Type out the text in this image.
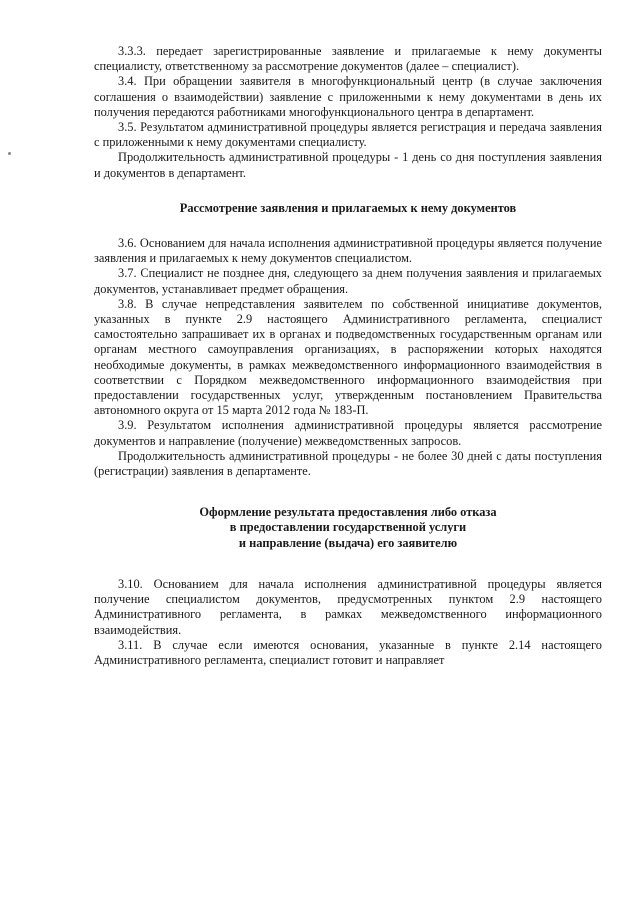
3.3.3. передает зарегистрированные заявление и прилагаемые к нему документы специалисту, ответственному за рассмотрение документов (далее – специалист).

3.4. При обращении заявителя в многофункциональный центр (в случае заключения соглашения о взаимодействии) заявление с приложенными к нему документами в день их получения передаются работниками многофункционального центра в департамент.

3.5. Результатом административной процедуры является регистрация и передача заявления с приложенными к нему документами специалисту.

Продолжительность административной процедуры - 1 день со дня поступления заявления и документов в департамент.

Рассмотрение заявления и прилагаемых к нему документов

3.6. Основанием для начала исполнения административной процедуры является получение заявления и прилагаемых к нему документов специалистом.

3.7. Специалист не позднее дня, следующего за днем получения заявления и прилагаемых документов, устанавливает предмет обращения.

3.8. В случае непредставления заявителем по собственной инициативе документов, указанных в пункте 2.9 настоящего Административного регламента, специалист самостоятельно запрашивает их в органах и подведомственных государственным органам или органам местного самоуправления организациях, в распоряжении которых находятся необходимые документы, в рамках межведомственного информационного взаимодействия в соответствии с Порядком межведомственного информационного взаимодействия при предоставлении государственных услуг, утвержденным постановлением Правительства автономного округа от 15 марта 2012 года № 183-П.

3.9. Результатом исполнения административной процедуры является рассмотрение документов и направление (получение) межведомственных запросов.

Продолжительность административной процедуры - не более 30 дней с даты поступления (регистрации) заявления в департаменте.

Оформление результата предоставления либо отказа

в предоставлении государственной услуги

и направление (выдача) его заявителю

3.10. Основанием для начала исполнения административной процедуры является получение специалистом документов, предусмотренных пунктом 2.9 настоящего Административного регламента, в рамках межведомственного информационного взаимодействия.

3.11. В случае если имеются основания, указанные в пункте 2.14 настоящего Административного регламента, специалист готовит и направляет
